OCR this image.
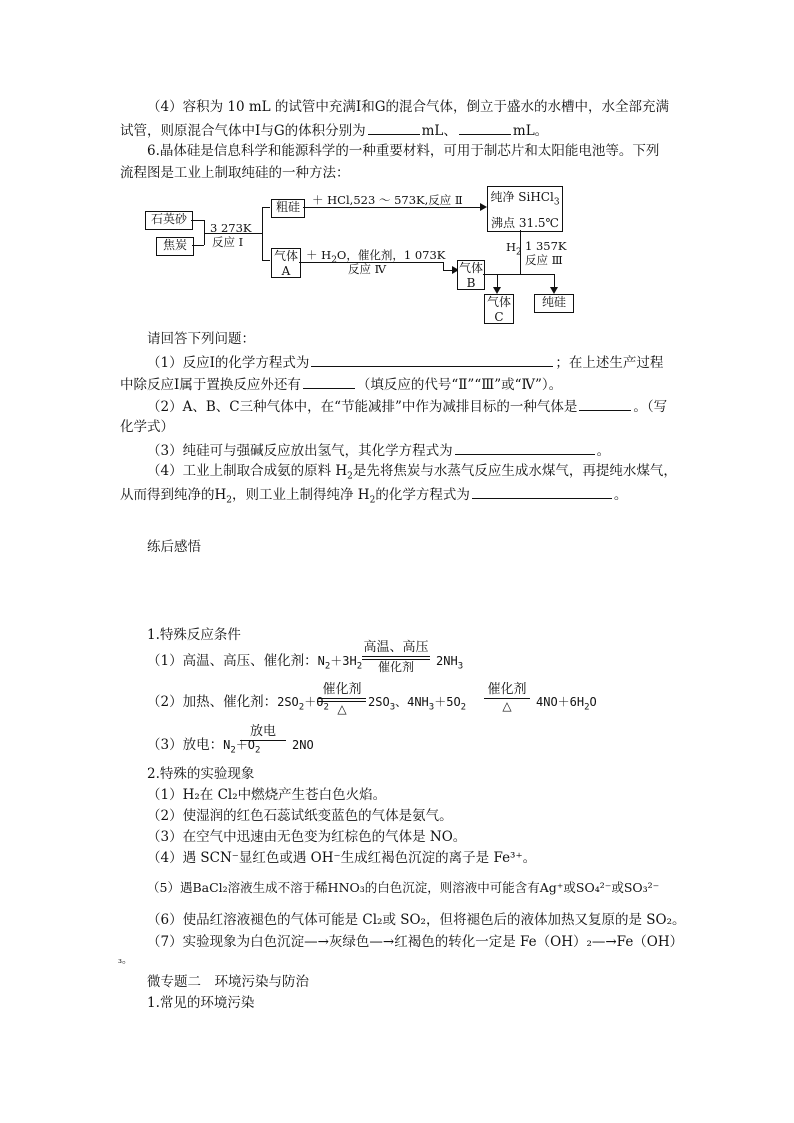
（4）容积为 10 mL 的试管中充满Ⅰ和G的混合气体，倒立于盛水的水槽中，水全部充满
试管，则原混合气体中Ⅰ与G的体积分别为	mL、	mL。
6.晶体硅是信息科学和能源科学的一种重要材料，可用于制芯片和太阳能电池等。下列
流程图是工业上制取纯硅的一种方法：
石英砂
焦炭
3 273K
反应 Ⅰ
粗硅	＋ HCl,523 ～ 573K,反应 Ⅱ 纯净 SiHCl$_3$
沸点 31.5℃
气体
A
＋ $H_2O$，催化剂，1 073K
反应 Ⅳ	气体
B
$H_2$ 1 357K
反应 Ⅲ
气体
C
纯硅
请回答下列问题：
（1）反应Ⅰ的化学方程式为	；在上述生产过程
中除反应Ⅰ属于置换反应外还有	（填反应的代号“Ⅱ”“Ⅲ”或“Ⅳ”）。
（2）A、B、C三种气体中，在“节能减排”中作为减排目标的一种气体是	。（写
化学式）
（3）纯硅可与强碱反应放出氢气，其化学方程式为	。
（4）工业上制取合成氨的原料 $H_2$是先将焦炭与水蒸气反应生成水煤气，再提纯水煤气，
从而得到纯净的$H_2$，则工业上制得纯净 $H_2$的化学方程式为	。
练后感悟
1.特殊反应条件
（1）高温、高压、催化剂：$N_2+3H_2$
高温、高压
催化剂	$2NH_3$
（2）加热、催化剂：$2SO_2+O_2$
催化剂
△	$2SO_3$、$4NH_3+5O_2$
催化剂
△	$4NO+6H_2O$
（3）放电：$N_2+O_2$
放电
2NO
2.特殊的实验现象
（1）H₂在 Cl₂中燃烧产生苍白色火焰。
（2）使湿润的红色石蕊试纸变蓝色的气体是氨气。
（3）在空气中迅速由无色变为红棕色的气体是 NO。
（4）遇 SCN⁻显红色或遇 OH⁻生成红褐色沉淀的离子是 Fe³⁺。
（5）遇BaCl₂溶液生成不溶于稀HNO₃的白色沉淀，则溶液中可能含有Ag⁺或SO₄²⁻或SO₃²⁻
（6）使品红溶液褪色的气体可能是 Cl₂或 SO₂，但将褪色后的液体加热又复原的是 SO₂。
（7）实验现象为白色沉淀—→灰绿色—→红褐色的转化一定是 Fe（OH）₂—→Fe（OH）
₃。
微专题二　环境污染与防治
1.常见的环境污染
